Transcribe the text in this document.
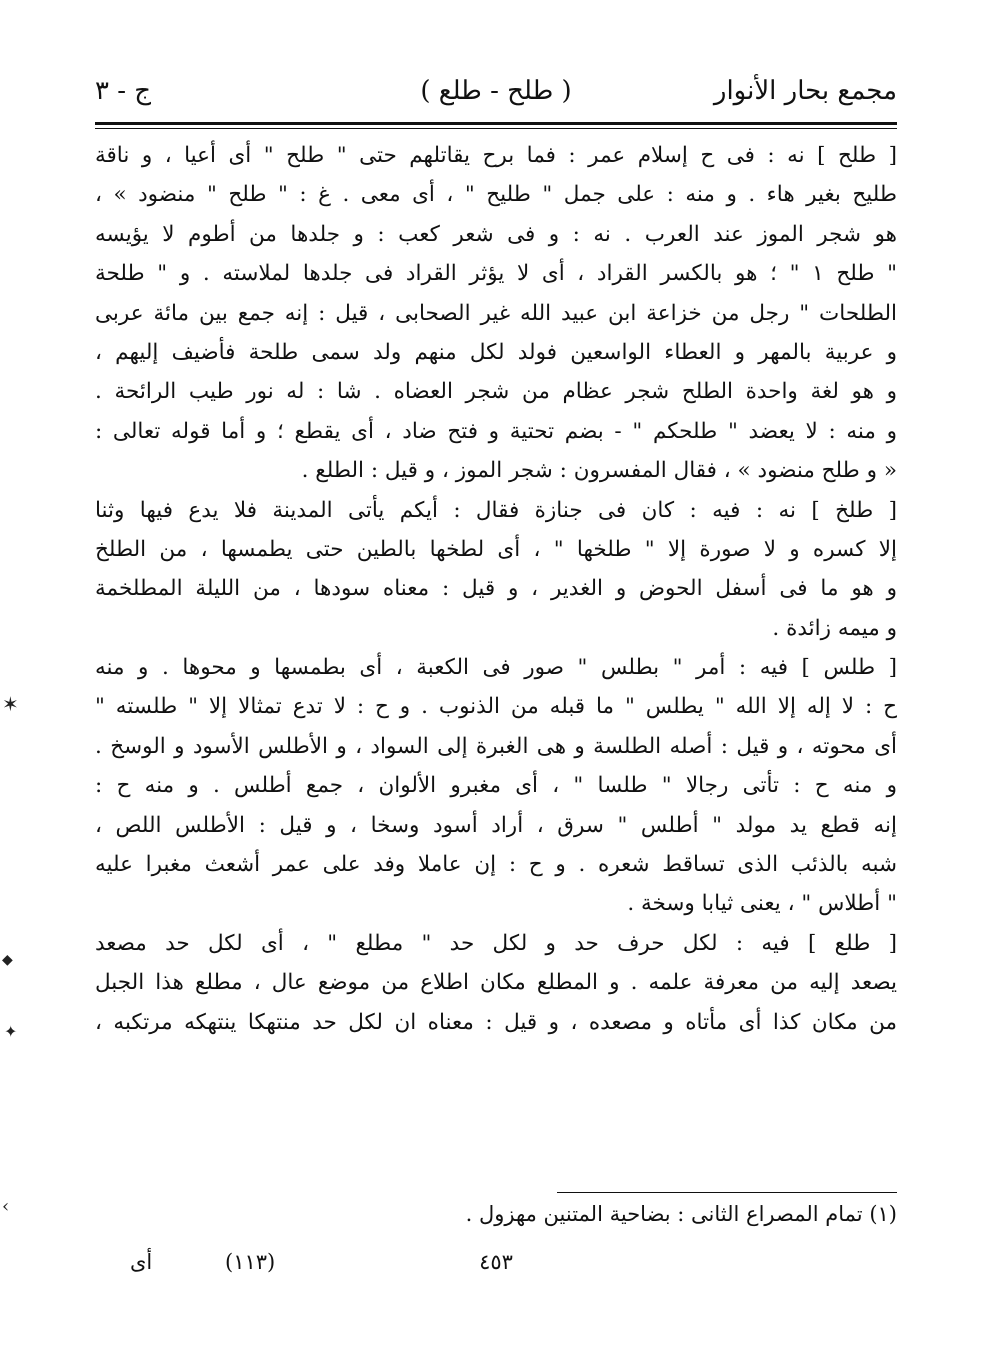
مجمع بحار الأنوار
( طلح - طلع )
ج - ٣
[ طلح ] نه : فى ح إسلام عمر : فما برح يقاتلهم حتى " طلح " أى أعيا ، و ناقة
طليح بغير هاء . و منه : على جمل " طليح " ، أى معى . غ : " طلح " منضود » ،
هو شجر الموز عند العرب . نه : و فى شعر كعب : و جلدها من أطوم لا يؤيسه
" طلح ١ " ؛ هو بالكسر القراد ، أى لا يؤثر القراد فى جلدها لملاسته . و " طلحة
الطلحات " رجل من خزاعة ابن عبيد الله غير الصحابى ، قيل : إنه جمع بين مائة عربى
و عربية بالمهر و العطاء الواسعين فولد لكل منهم ولد سمى طلحة فأضيف إليهم ،
و هو لغة واحدة الطلح شجر عظام من شجر العضاه . شا : له نور طيب الرائحة .
و منه : لا يعضد " طلحكم " - بضم تحتية و فتح ضاد ، أى يقطع ؛ و أما قوله تعالى :
« و طلح منضود » ، فقال المفسرون : شجر الموز ، و قيل : الطلع .
[ طلخ ] نه : فيه : كان فى جنازة فقال : أيكم يأتى المدينة فلا يدع فيها وثنا
إلا كسره و لا صورة إلا " طلخها " ، أى لطخها بالطين حتى يطمسها ، من الطلخ
و هو ما فى أسفل الحوض و الغدير ، و قيل : معناه سودها ، من الليلة المطلخمة
و ميمه زائدة .
[ طلس ] فيه : أمر " بطلس " صور فى الكعبة ، أى بطمسها و محوها . و منه
ح : لا إله إلا الله " يطلس " ما قبله من الذنوب . و ح : لا تدع تمثالا إلا " طلسته "
أى محوته ، و قيل : أصله الطلسة و هى الغبرة إلى السواد ، و الأطلس الأسود و الوسخ .
و منه ح : تأتى رجالا " طلسا " ، أى مغبرو الألوان ، جمع أطلس . و منه ح :
إنه قطع يد مولد " أطلس " سرق ، أراد أسود وسخا ، و قيل : الأطلس اللص ،
شبه بالذئب الذى تساقط شعره . و ح : إن عاملا وفد على عمر أشعث مغبرا عليه
" أطلاس " ، يعنى ثيابا وسخة .
[ طلع ] فيه : لكل حرف حد و لكل حد " مطلع " ، أى لكل حد مصعد
يصعد إليه من معرفة علمه . و المطلع مكان اطلاع من موضع عال ، مطلع هذا الجبل
من مكان كذا أى مأتاه و مصعده ، و قيل : معناه ان لكل حد منتهكا ينتهكه مرتكبه ،
(١) تمام المصراع الثانى : بضاحية المتنين مهزول .
٤٥٣
(١١٣)
أى
✶
◆
✦
‹
